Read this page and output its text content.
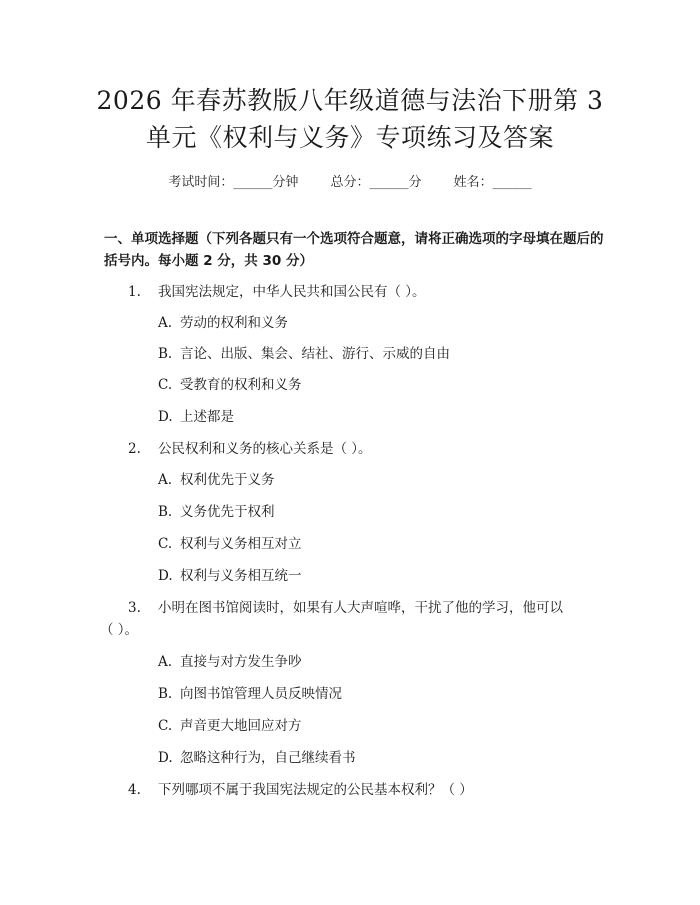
2026 年春苏教版八年级道德与法治下册第 3
单元《权利与义务》专项练习及答案
考试时间：______分钟 总分：______分 姓名：______
一、单项选择题（下列各题只有一个选项符合题意，请将正确选项的字母填在题后的括号内。每小题 2 分，共 30 分）
1. 我国宪法规定，中华人民共和国公民有（ ）。
A. 劳动的权利和义务
B. 言论、出版、集会、结社、游行、示威的自由
C. 受教育的权利和义务
D. 上述都是
2. 公民权利和义务的核心关系是（ ）。
A. 权利优先于义务
B. 义务优先于权利
C. 权利与义务相互对立
D. 权利与义务相互统一
3. 小明在图书馆阅读时，如果有人大声喧哗，干扰了他的学习，他可以
（ ）。
A. 直接与对方发生争吵
B. 向图书馆管理人员反映情况
C. 声音更大地回应对方
D. 忽略这种行为，自己继续看书
4. 下列哪项不属于我国宪法规定的公民基本权利？（ ）
